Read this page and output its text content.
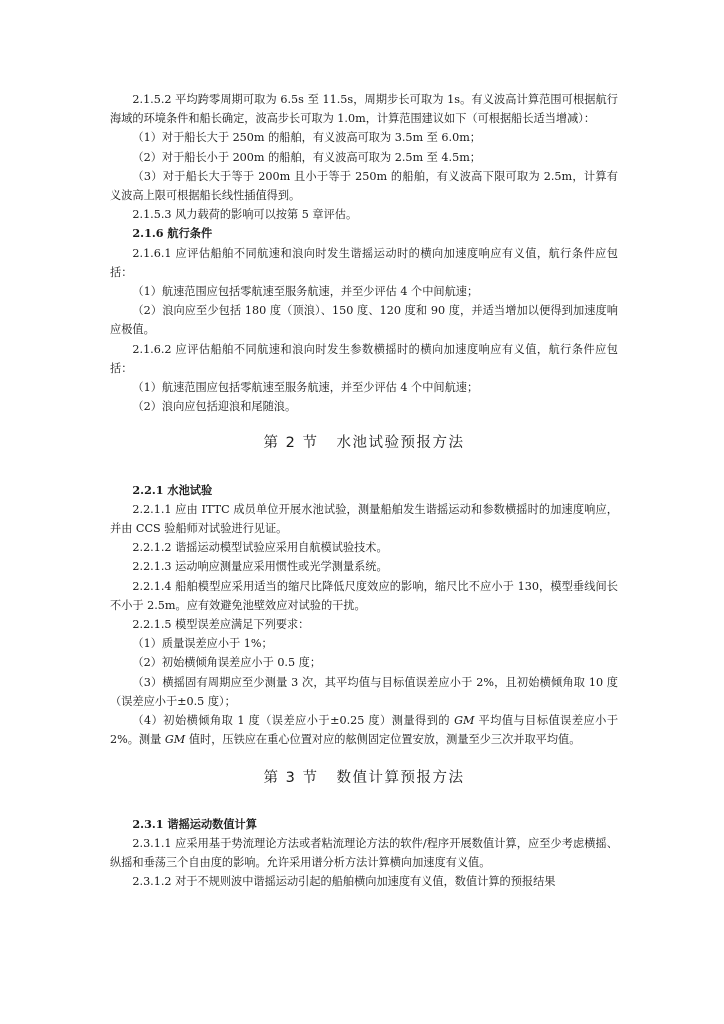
2.1.5.2 平均跨零周期可取为 6.5s 至 11.5s，周期步长可取为 1s。有义波高计算范围可根据航行海域的环境条件和船长确定，波高步长可取为 1.0m，计算范围建议如下（可根据船长适当增减）：

（1）对于船长大于 250m 的船舶，有义波高可取为 3.5m 至 6.0m；

（2）对于船长小于 200m 的船舶，有义波高可取为 2.5m 至 4.5m；

（3）对于船长大于等于 200m 且小于等于 250m 的船舶，有义波高下限可取为 2.5m，计算有义波高上限可根据船长线性插值得到。

2.1.5.3 风力载荷的影响可以按第 5 章评估。

2.1.6 航行条件

2.1.6.1 应评估船舶不同航速和浪向时发生谐摇运动时的横向加速度响应有义值，航行条件应包括：

（1）航速范围应包括零航速至服务航速，并至少评估 4 个中间航速；

（2）浪向应至少包括 180 度（顶浪）、150 度、120 度和 90 度，并适当增加以便得到加速度响应极值。

2.1.6.2 应评估船舶不同航速和浪向时发生参数横摇时的横向加速度响应有义值，航行条件应包括：

（1）航速范围应包括零航速至服务航速，并至少评估 4 个中间航速；

（2）浪向应包括迎浪和尾随浪。

第 2 节 水池试验预报方法

2.2.1 水池试验

2.2.1.1 应由 ITTC 成员单位开展水池试验，测量船舶发生谐摇运动和参数横摇时的加速度响应，并由 CCS 验船师对试验进行见证。

2.2.1.2 谐摇运动模型试验应采用自航模试验技术。

2.2.1.3 运动响应测量应采用惯性或光学测量系统。

2.2.1.4 船舶模型应采用适当的缩尺比降低尺度效应的影响，缩尺比不应小于 130，模型垂线间长不小于 2.5m。应有效避免池壁效应对试验的干扰。

2.2.1.5 模型误差应满足下列要求：

（1）质量误差应小于 1%；

（2）初始横倾角误差应小于 0.5 度；

（3）横摇固有周期应至少测量 3 次，其平均值与目标值误差应小于 2%，且初始横倾角取 10 度（误差应小于±0.5 度）；

（4）初始横倾角取 1 度（误差应小于±0.25 度）测量得到的 GM 平均值与目标值误差应小于 2%。测量 GM 值时，压铁应在重心位置对应的舷侧固定位置安放，测量至少三次并取平均值。

第 3 节 数值计算预报方法

2.3.1 谐摇运动数值计算

2.3.1.1 应采用基于势流理论方法或者粘流理论方法的软件/程序开展数值计算，应至少考虑横摇、纵摇和垂荡三个自由度的影响。允许采用谱分析方法计算横向加速度有义值。

2.3.1.2 对于不规则波中谐摇运动引起的船舶横向加速度有义值，数值计算的预报结果
